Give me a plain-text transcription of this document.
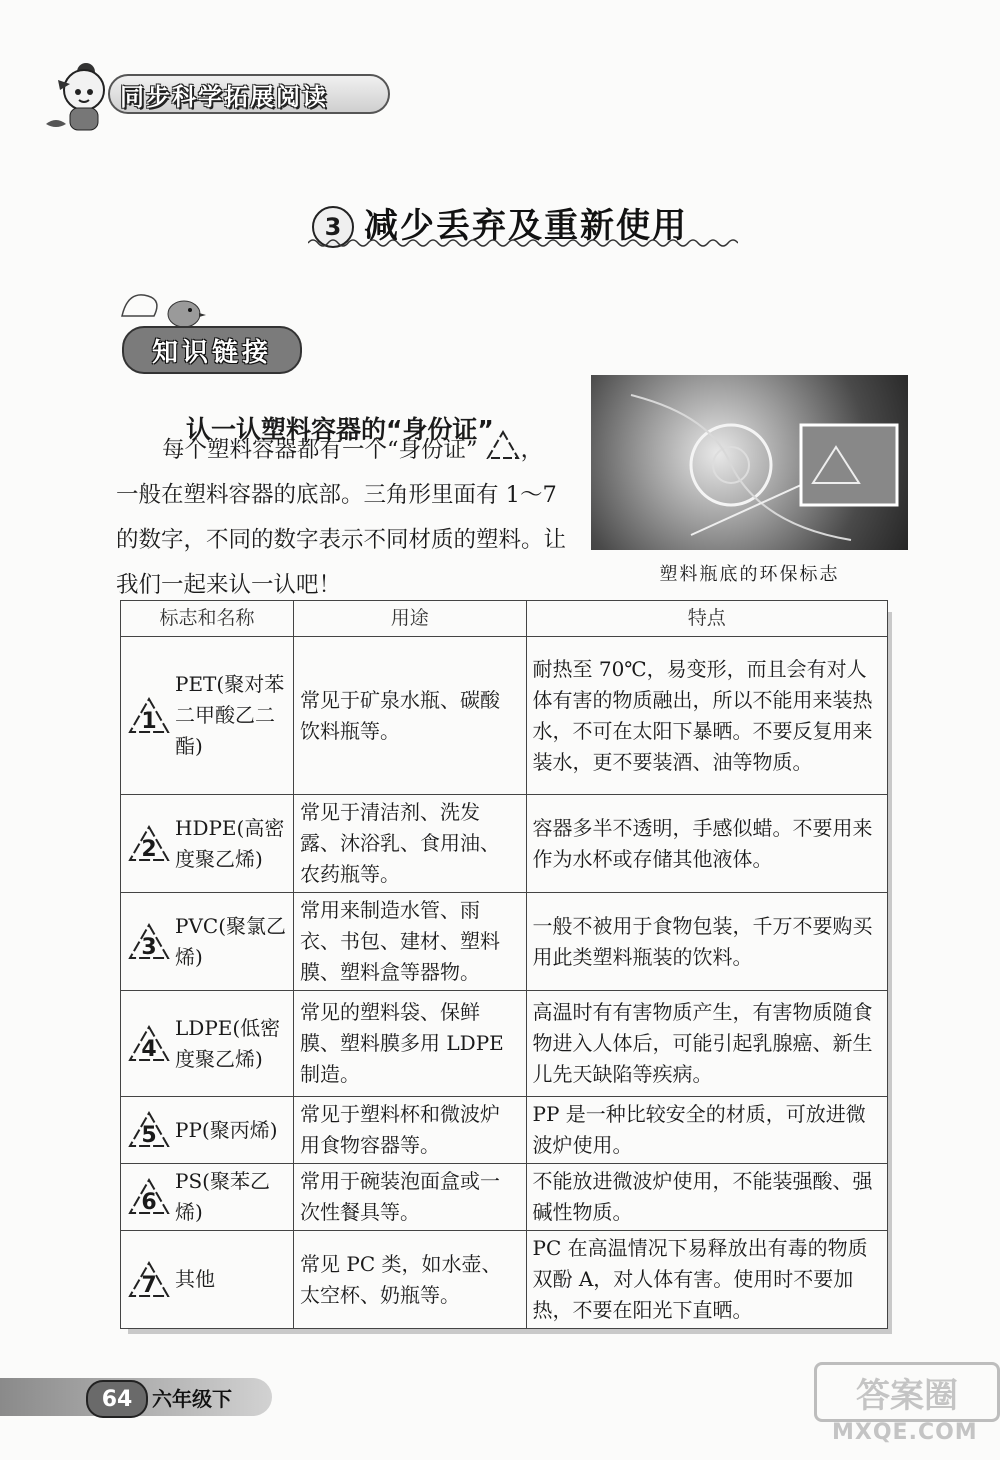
同步科学拓展阅读
3 减少丢弃及重新使用
知识链接
认一认塑料容器的“身份证”

每个塑料容器都有一个“身份证” ，

一般在塑料容器的底部。三角形里面有 1～7 的数字，不同的数字表示不同材质的塑料。让我们一起来认一认吧！	塑料瓶底的环保标志
标志和名称	用途	特点

1
PET(聚对苯二甲酸乙二酯)	常见于矿泉水瓶、碳酸饮料瓶等。	耐热至 70℃，易变形，而且会有对人体有害的物质融出，所以不能用来装热水，不可在太阳下暴晒。不要反复用来装水，更不要装酒、油等物质。

2
HDPE(高密度聚乙烯)	常见于清洁剂、洗发露、沐浴乳、食用油、农药瓶等。	容器多半不透明，手感似蜡。不要用来作为水杯或存储其他液体。

3
PVC(聚氯乙烯)	常用来制造水管、雨衣、书包、建材、塑料膜、塑料盒等器物。	一般不被用于食物包装，千万不要购买用此类塑料瓶装的饮料。

4
LDPE(低密度聚乙烯)	常见的塑料袋、保鲜膜、塑料膜多用 LDPE 制造。	高温时有有害物质产生，有害物质随食物进入人体后，可能引起乳腺癌、新生儿先天缺陷等疾病。

5 PP(聚丙烯)	常见于塑料杯和微波炉用食物容器等。	PP 是一种比较安全的材质，可放进微波炉使用。

6
PS(聚苯乙烯)	常用于碗装泡面盒或一次性餐具等。	不能放进微波炉使用，不能装强酸、强碱性物质。

7 其他	常见 PC 类，如水壶、太空杯、奶瓶等。	PC 在高温情况下易释放出有毒的物质双酚 A，对人体有害。使用时不要加热，不要在阳光下直晒。
64 六年级下	答案圈
MXQE.COM
